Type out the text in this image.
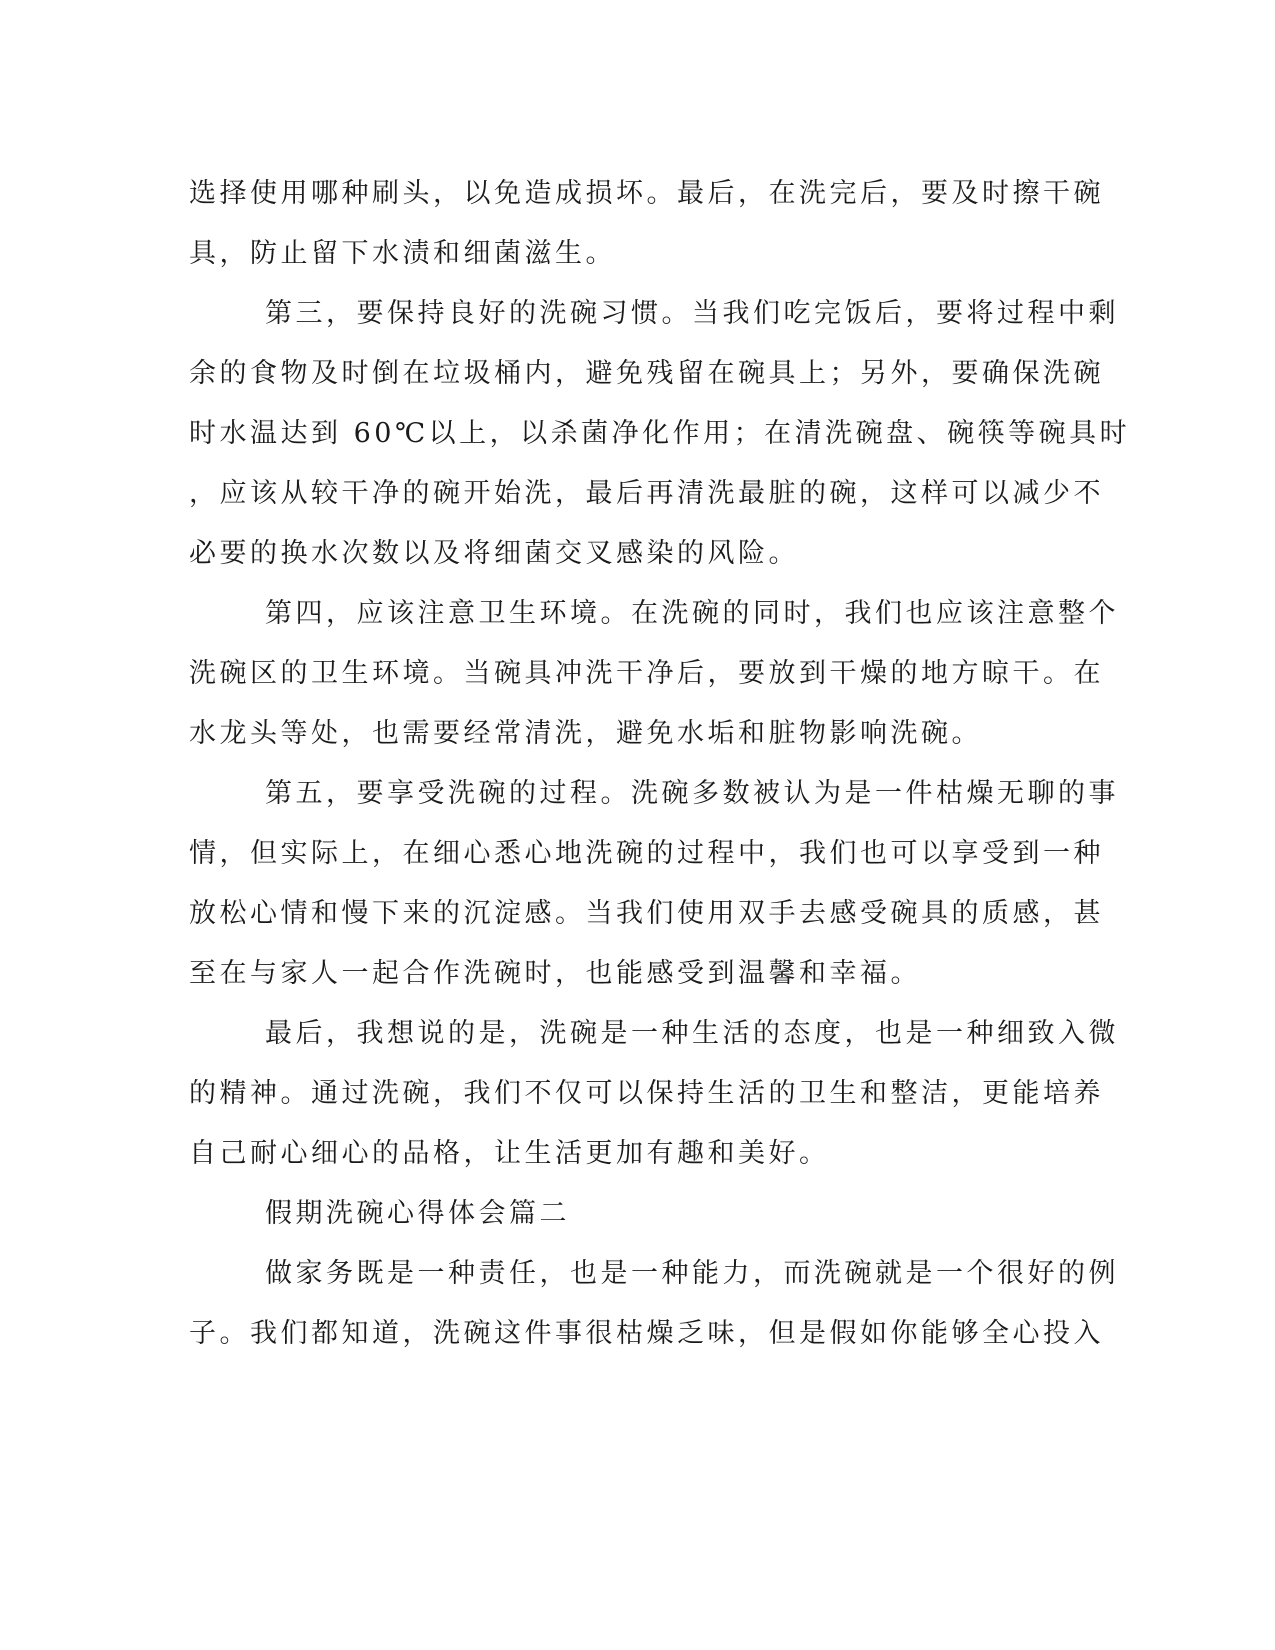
选择使用哪种刷头，以免造成损坏。最后，在洗完后，要及时擦干碗
具，防止留下水渍和细菌滋生。
第三，要保持良好的洗碗习惯。当我们吃完饭后，要将过程中剩
余的食物及时倒在垃圾桶内，避免残留在碗具上；另外，要确保洗碗
时水温达到 60℃以上，以杀菌净化作用；在清洗碗盘、碗筷等碗具时
，应该从较干净的碗开始洗，最后再清洗最脏的碗，这样可以减少不
必要的换水次数以及将细菌交叉感染的风险。
第四，应该注意卫生环境。在洗碗的同时，我们也应该注意整个
洗碗区的卫生环境。当碗具冲洗干净后，要放到干燥的地方晾干。在
水龙头等处，也需要经常清洗，避免水垢和脏物影响洗碗。
第五，要享受洗碗的过程。洗碗多数被认为是一件枯燥无聊的事
情，但实际上，在细心悉心地洗碗的过程中，我们也可以享受到一种
放松心情和慢下来的沉淀感。当我们使用双手去感受碗具的质感，甚
至在与家人一起合作洗碗时，也能感受到温馨和幸福。
最后，我想说的是，洗碗是一种生活的态度，也是一种细致入微
的精神。通过洗碗，我们不仅可以保持生活的卫生和整洁，更能培养
自己耐心细心的品格，让生活更加有趣和美好。
假期洗碗心得体会篇二
做家务既是一种责任，也是一种能力，而洗碗就是一个很好的例
子。我们都知道，洗碗这件事很枯燥乏味，但是假如你能够全心投入
